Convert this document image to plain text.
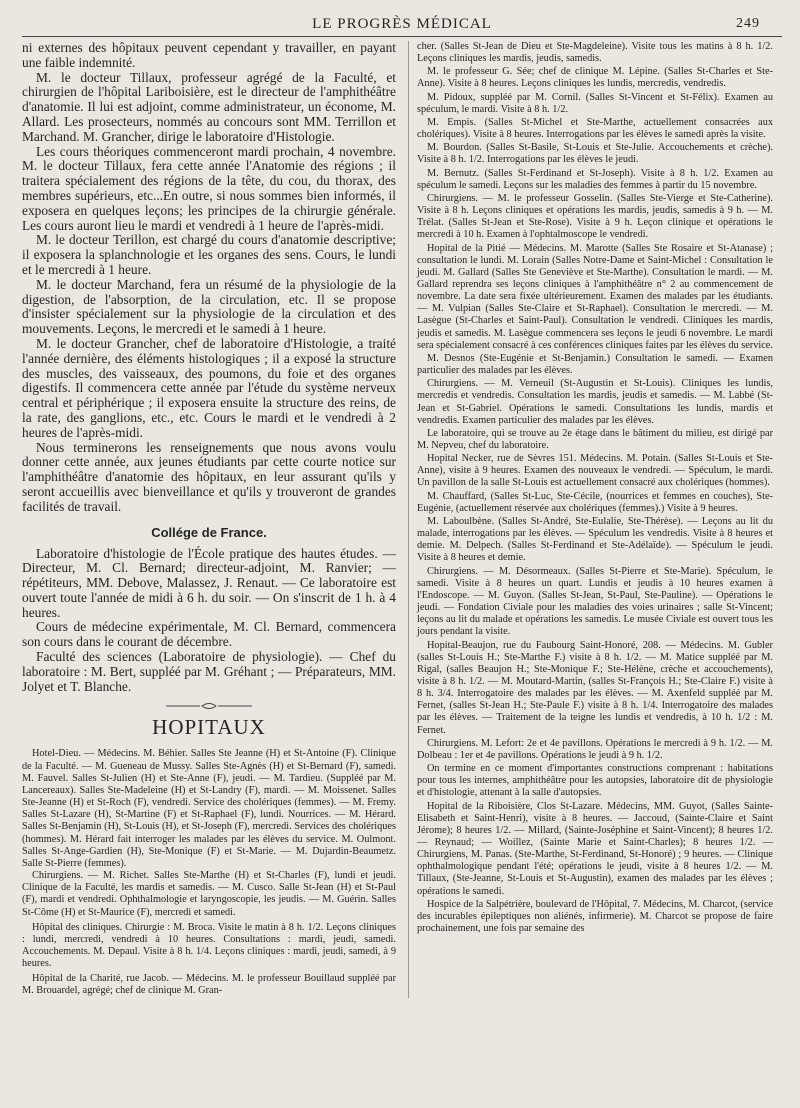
LE PROGRÈS MÉDICAL	249

ni externes des hôpitaux peuvent cependant y travailler, en payant une faible indemnité.

M. le docteur Tillaux, professeur agrégé de la Faculté, et chirurgien de l'hôpital Lariboisière, est le directeur de l'amphithéâtre d'anatomie. Il lui est adjoint, comme administrateur, un économe, M. Allard. Les prosecteurs, nommés au concours sont MM. Terrillon et Marchand. M. Grancher, dirige le laboratoire d'Histologie.

Les cours théoriques commenceront mardi prochain, 4 novembre. M. le docteur Tillaux, fera cette année l'Anatomie des régions ; il traitera spécialement des régions de la tête, du cou, du thorax, des membres supérieurs, etc...En outre, si nous sommes bien informés, il exposera en quelques leçons; les principes de la chirurgie générale. Les cours auront lieu le mardi et vendredi à 1 heure de l'après-midi.

M. le docteur Terillon, est chargé du cours d'anatomie descriptive; il exposera la splanchnologie et les organes des sens. Cours, le lundi et le mercredi à 1 heure.

M. le docteur Marchand, fera un résumé de la physiologie de la digestion, de l'absorption, de la circulation, etc. Il se propose d'insister spécialement sur la physiologie de la circulation et des mouvements. Leçons, le mercredi et le samedi à 1 heure.

M. le docteur Grancher, chef de laboratoire d'Histologie, a traité l'année dernière, des éléments histologiques ; il a exposé la structure des muscles, des vaisseaux, des poumons, du foie et des organes digestifs. Il commencera cette année par l'étude du système nerveux central et périphérique ; il exposera ensuite la structure des reins, de la rate, des ganglions, etc., etc. Cours le mardi et le vendredi à 2 heures de l'après-midi.

Nous terminerons les renseignements que nous avons voulu donner cette année, aux jeunes étudiants par cette courte notice sur l'amphithéâtre d'anatomie des hôpitaux, en leur assurant qu'ils y seront accueillis avec bienveillance et qu'ils y trouveront de grandes facilités de travail.

Collége de France.

Laboratoire d'histologie de l'École pratique des hautes études. — Directeur, M. Cl. Bernard; directeur-adjoint, M. Ranvier; — répétiteurs, MM. Debove, Malassez, J. Renaut. — Ce laboratoire est ouvert toute l'année de midi à 6 h. du soir. — On s'inscrit de 1 h. à 4 heures.

Cours de médecine expérimentale, M. Cl. Bernard, commencera son cours dans le courant de décembre.

Faculté des sciences (Laboratoire de physiologie). — Chef du laboratoire : M. Bert, suppléé par M. Gréhant ; — Préparateurs, MM. Jolyet et T. Blanche.

HOPITAUX

Hotel-Dieu. — Médecins. M. Béhier. Salles Ste Jeanne (H) et St-Antoine (F). Clinique de la Faculté. — M. Gueneau de Mussy. Salles Ste-Agnès (H) et St-Bernard (F), samedi. M. Fauvel. Salles St-Julien (H) et Ste-Anne (F), jeudi. — M. Tardieu. (Suppléé par M. Lancereaux). Salles Ste-Madeleine (H) et St-Landry (F), mardi. — M. Moissenet. Salles Ste-Jeanne (H) et St-Roch (F), vendredi. Service des cholériques (femmes). — M. Fremy. Salles St-Lazare (H), St-Martine (F) et St-Raphael (F), lundi. Nourrices. — M. Hérard. Salles St-Benjamin (H), St-Louis (H), et St-Joseph (F), mercredi. Services des cholériques (hommes). M. Hérard fait interroger les malades par les élèves du service. M. Oulmont. Salles St-Ange-Gardien (H), Ste-Monique (F) et St-Marie. — M. Dujardin-Beaumetz. Salle St-Pierre (femmes).

Chirurgiens. — M. Richet. Salles Ste-Marthe (H) et St-Charles (F), lundi et jeudi. Clinique de la Faculté, les mardis et samedis. — M. Cusco. Salle St-Jean (H) et St-Paul (F), mardi et vendredi. Ophthalmologie et laryngoscopie, les jeudis. — M. Guérin. Salles St-Côme (H) et St-Maurice (F), mercredi et samedi.

Hôpital des cliniques. Chirurgie : M. Broca. Visite le matin à 8 h. 1/2. Leçons cliniques : lundi, mercredi, vendredi à 10 heures. Consultations : mardi, jeudi, samedi. Accouchements. M. Depaul. Visite à 8 h. 1/4. Leçons cliniques : mardi, jeudi, samedi, à 9 heures.

Hôpital de la Charité, rue Jacob. — Médecins. M. le professeur Bouillaud suppléé par M. Brouardel, agrégé; chef de clinique M. Gran-

cher. (Salles St-Jean de Dieu et Ste-Magdeleine). Visite tous les matins à 8 h. 1/2. Leçons cliniques les mardis, jeudis, samedis.

M. le professeur G. Sée; chef de clinique M. Lépine. (Salles St-Charles et Ste-Anne). Visite à 8 heures. Leçons cliniques les lundis, mercredis, vendredis.

M. Pidoux, suppléé par M. Cornil. (Salles St-Vincent et St-Félix). Examen au spéculum, le mardi. Visite à 8 h. 1/2.

M. Empis. (Salles St-Michel et Ste-Marthe, actuellement consacrées aux cholériques). Visite à 8 heures. Interrogations par les élèves le samedi après la visite.

M. Bourdon. (Salles St-Basile, St-Louis et Ste-Julie. Accouchements et crèche). Visite à 8 h. 1/2. Interrogations par les élèves le jeudi.

M. Bernutz. (Salles St-Ferdinand et St-Joseph). Visite à 8 h. 1/2. Examen au spéculum le samedi. Leçons sur les maladies des femmes à partir du 15 novembre.

Chirurgiens. — M. le professeur Gosselin. (Salles Ste-Vierge et Ste-Catherine). Visite à 8 h. Leçons cliniques et opérations les mardis, jeudis, samedis à 9 h. — M. Trélat. (Salles St-Jean et Ste-Rose). Visite à 9 h. Leçon clinique et opérations le mercredi à 10 h. Examen à l'ophtalmoscope le vendredi.

Hopital de la Pitié — Médecins. M. Marotte (Salles Ste Rosaire et St-Atanase) ; consultation le lundi. M. Lorain (Salles Notre-Dame et Saint-Michel : Consultation le jeudi. M. Gallard (Salles Ste Geneviève et Ste-Marthe). Consultation le mardi. — M. Gallard reprendra ses leçons cliniques à l'amphithéâtre n° 2 au commencement de novembre. La date sera fixée ultérieurement. Examen des malades par les étudiants. — M. Vulpian (Salles Ste-Claire et St-Raphael). Consultation le mercredi. — M. Lasègue (St-Charles et Saint-Paul). Consultation le vendredi. Cliniques les mardis, jeudis et samedis. M. Lasègue commencera ses leçons le jeudi 6 novembre. Le mardi sera spécialement consacré à ces conférences cliniques faites par les élèves du service.

M. Desnos (Ste-Eugénie et St-Benjamin.) Consultation le samedi. — Examen particulier des malades par les élèves.

Chirurgiens. — M. Verneuil (St-Augustin et St-Louis). Cliniques les lundis, mercredis et vendredis. Consultation les mardis, jeudis et samedis. — M. Labbé (St-Jean et St-Gabriel. Opérations le samedi. Consultations les lundis, mardis et vendredis. Examen particulier des malades par les élèves.

Le laboratoire, qui se trouve au 2e étage dans le bâtiment du milieu, est dirigé par M. Nepveu, chef du laboratoire.

Hopital Necker, rue de Sèvres 151. Médecins. M. Potain. (Salles St-Louis et Ste-Anne), visite à 9 heures. Examen des nouveaux le vendredi. — Spéculum, le mardi. Un pavillon de la salle St-Louis est actuellement consacré aux cholériques (hommes).

M. Chauffard, (Salles St-Luc, Ste-Cécile, (nourrices et femmes en couches), Ste-Eugénie, (actuellement réservée aux cholériques (femmes).) Visite à 9 heures.

M. Laboulbène. (Salles St-André, Ste-Eulalie, Ste-Thérèse). — Leçons au lit du malade, interrogations par les élèves. — Spéculum les vendredis. Visite à 8 heures et demie. M. Delpech. (Salles St-Ferdinand et Ste-Adélaïde). — Spéculum le jeudi. Visite à 8 heures et demie.

Chirurgiens. — M. Désormeaux. (Salles St-Pierre et Ste-Marie). Spéculum, le samedi. Visite à 8 heures un quart. Lundis et jeudis à 10 heures examen à l'Endoscope. — M. Guyon. (Salles St-Jean, St-Paul, Ste-Pauline). — Opérations le jeudi. — Fondation Civiale pour les maladies des voies urinaires ; salle St-Vincent; leçons au lit du malade et opérations les samedis. Le musée Civiale est ouvert tous les jours pendant la visite.

Hopital-Beaujon, rue du Faubourg Saint-Honoré, 208. — Médecins. M. Gubler (salles St-Louis H.; Ste-Marthe F.) visite à 8 h. 1/2. — M. Matice suppléé par M. Rigal, (salles Beaujon H.; Ste-Monique F.; Ste-Hélène, crèche et accouchements), visite à 8 h. 1/2. — M. Moutard-Martin, (salles St-François H.; Ste-Claire F.) visite à 8 h. 3/4. Interrogatoire des malades par les élèves. — M. Axenfeld suppléé par M. Fernet, (salles St-Jean H.; Ste-Paule F.) visite à 8 h. 1/4. Interrogatoire des malades par les élèves. — Traitement de la teigne les lundis et vendredis, à 10 h. 1/2 : M. Fernet.

Chirurgiens. M. Lefort: 2e et 4e pavillons. Opérations le mercredi à 9 h. 1/2. — M. Dolbeau : 1er et 4e pavillons. Opérations le jeudi à 9 h. 1/2.

On termine en ce moment d'importantes constructions comprenant : habitations pour tous les internes, amphithéâtre pour les autopsies, laboratoire dit de physiologie et d'histologie, attenant à la salle d'autopsies.

Hopital de la Riboisière, Clos St-Lazare. Médecins, MM. Guyot, (Salles Sainte-Elisabeth et Saint-Henri), visite à 8 heures. — Jaccoud, (Sainte-Claire et Saint Jérome); 8 heures 1/2. — Millard, (Sainte-Joséphine et Saint-Vincent); 8 heures 1/2. — Reynaud; — Woillez, (Sainte Marie et Saint-Charles); 8 heures 1/2. — Chirurgiens, M. Panas. (Ste-Marthe, St-Ferdinand, St-Honoré) ; 9 heures. — Clinique ophthalmologique pendant l'été; opérations le jeudi, visite à 8 heures 1/2. — M. Tillaux, (Ste-Jeanne, St-Louis et St-Augustin), examen des malades par les élèves ; opérations le samedi.

Hospice de la Salpétrière, boulevard de l'Hôpital, 7. Médecins, M. Charcot, (service des incurables épileptiques non aliénés, infirmerie). M. Charcot se propose de faire prochainement, une fois par semaine des
